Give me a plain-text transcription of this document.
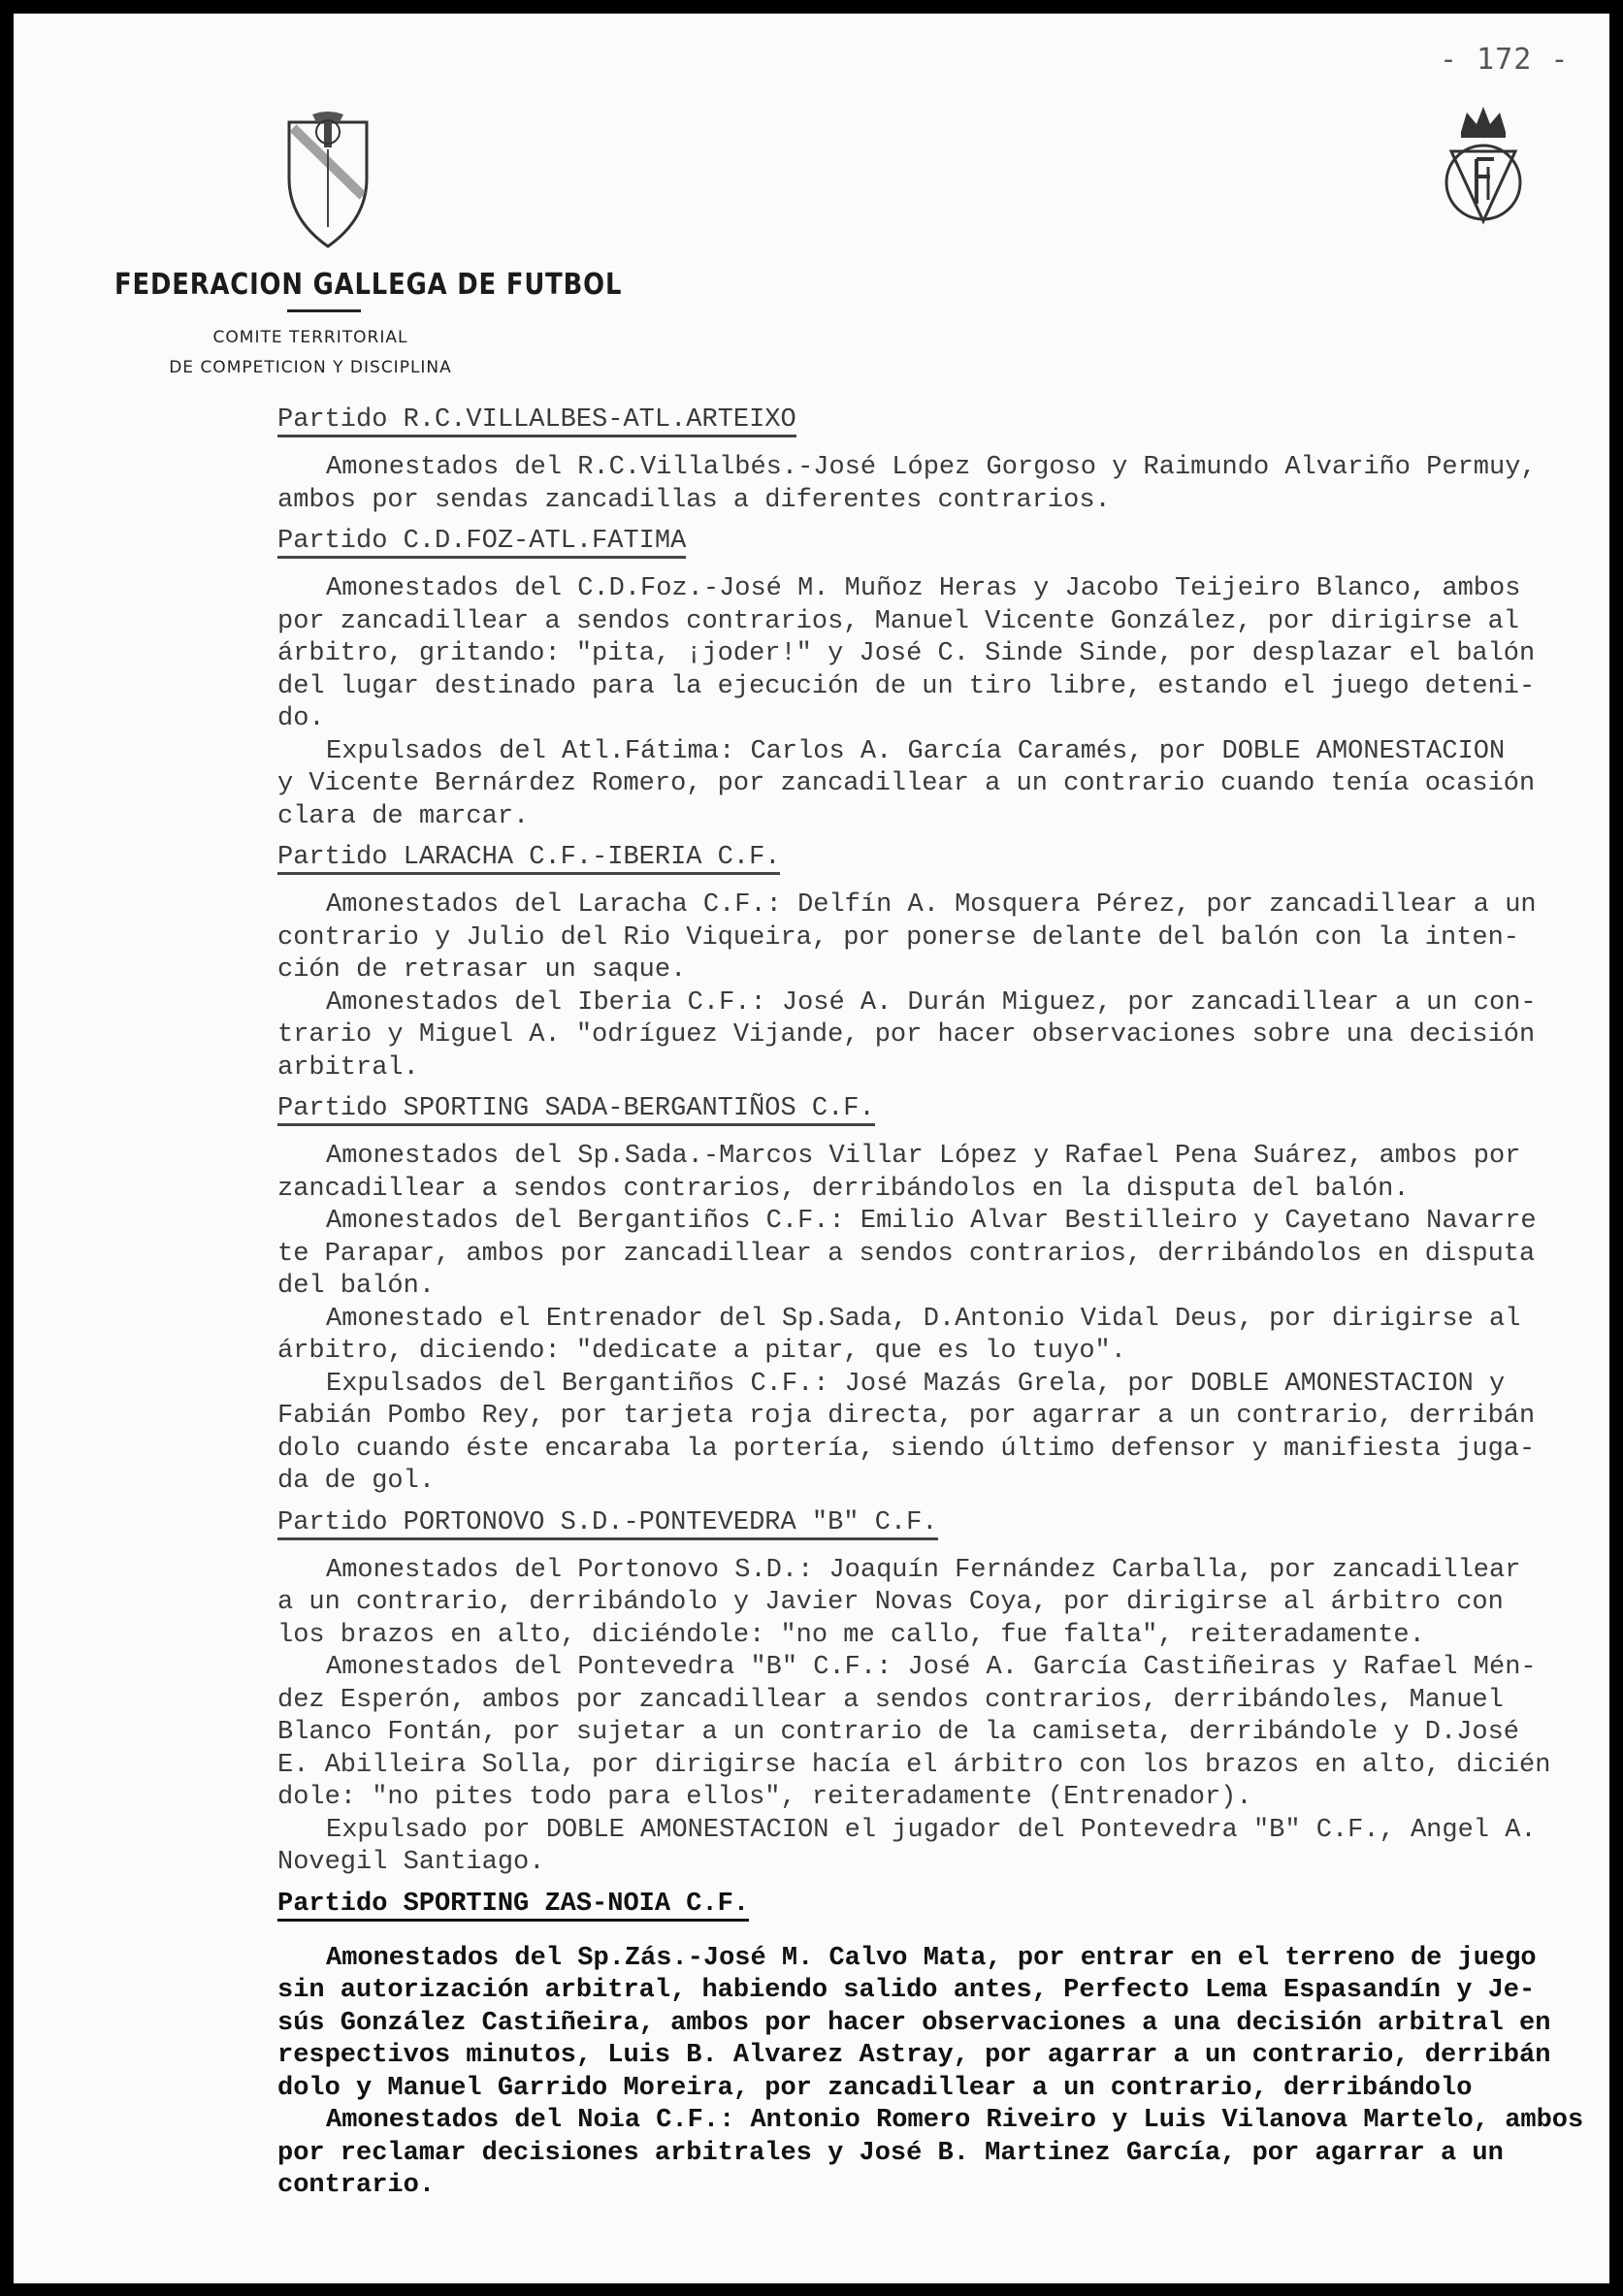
- 172 -
FEDERACION GALLEGA DE FUTBOL
COMITE TERRITORIAL
DE COMPETICION Y DISCIPLINA
Partido R.C.VILLALBES-ATL.ARTEIXO

Amonestados del R.C.Villalbés.-José López Gorgoso y Raimundo Alvariño Permuy,
ambos por sendas zancadillas a diferentes contrarios.

Partido C.D.FOZ-ATL.FATIMA

Amonestados del C.D.Foz.-José M. Muñoz Heras y Jacobo Teijeiro Blanco, ambos
por zancadillear a sendos contrarios, Manuel Vicente González, por dirigirse al
árbitro, gritando: "pita, ¡joder!" y José C. Sinde Sinde, por desplazar el balón
del lugar destinado para la ejecución de un tiro libre, estando el juego deteni-
do.

Expulsados del Atl.Fátima: Carlos A. García Caramés, por DOBLE AMONESTACION
y Vicente Bernárdez Romero, por zancadillear a un contrario cuando tenía ocasión
clara de marcar.

Partido LARACHA C.F.-IBERIA C.F.

Amonestados del Laracha C.F.: Delfín A. Mosquera Pérez, por zancadillear a un
contrario y Julio del Rio Viqueira, por ponerse delante del balón con la inten-
ción de retrasar un saque.

Amonestados del Iberia C.F.: José A. Durán Miguez, por zancadillear a un con-
trario y Miguel A. "odríguez Vijande, por hacer observaciones sobre una decisión
arbitral.

Partido SPORTING SADA-BERGANTIÑOS C.F.

Amonestados del Sp.Sada.-Marcos Villar López y Rafael Pena Suárez, ambos por
zancadillear a sendos contrarios, derribándolos en la disputa del balón.

Amonestados del Bergantiños C.F.: Emilio Alvar Bestilleiro y Cayetano Navarre
te Parapar, ambos por zancadillear a sendos contrarios, derribándolos en disputa
del balón.

Amonestado el Entrenador del Sp.Sada, D.Antonio Vidal Deus, por dirigirse al
árbitro, diciendo: "dedicate a pitar, que es lo tuyo".

Expulsados del Bergantiños C.F.: José Mazás Grela, por DOBLE AMONESTACION y
Fabián Pombo Rey, por tarjeta roja directa, por agarrar a un contrario, derribán
dolo cuando éste encaraba la portería, siendo último defensor y manifiesta juga-
da de gol.

Partido PORTONOVO S.D.-PONTEVEDRA "B" C.F.

Amonestados del Portonovo S.D.: Joaquín Fernández Carballa, por zancadillear
a un contrario, derribándolo y Javier Novas Coya, por dirigirse al árbitro con
los brazos en alto, diciéndole: "no me callo, fue falta", reiteradamente.

Amonestados del Pontevedra "B" C.F.: José A. García Castiñeiras y Rafael Mén-
dez Esperón, ambos por zancadillear a sendos contrarios, derribándoles, Manuel
Blanco Fontán, por sujetar a un contrario de la camiseta, derribándole y D.José
E. Abilleira Solla, por dirigirse hacía el árbitro con los brazos en alto, dicién
dole: "no pites todo para ellos", reiteradamente (Entrenador).

Expulsado por DOBLE AMONESTACION el jugador del Pontevedra "B" C.F., Angel A.
Novegil Santiago.

Partido SPORTING ZAS-NOIA C.F.

Amonestados del Sp.Zás.-José M. Calvo Mata, por entrar en el terreno de juego
sin autorización arbitral, habiendo salido antes, Perfecto Lema Espasandín y Je-
sús González Castiñeira, ambos por hacer observaciones a una decisión arbitral en
respectivos minutos, Luis B. Alvarez Astray, por agarrar a un contrario, derribán
dolo y Manuel Garrido Moreira, por zancadillear a un contrario, derribándolo

Amonestados del Noia C.F.: Antonio Romero Riveiro y Luis Vilanova Martelo, ambos
por reclamar decisiones arbitrales y José B. Martinez García, por agarrar a un
contrario.
